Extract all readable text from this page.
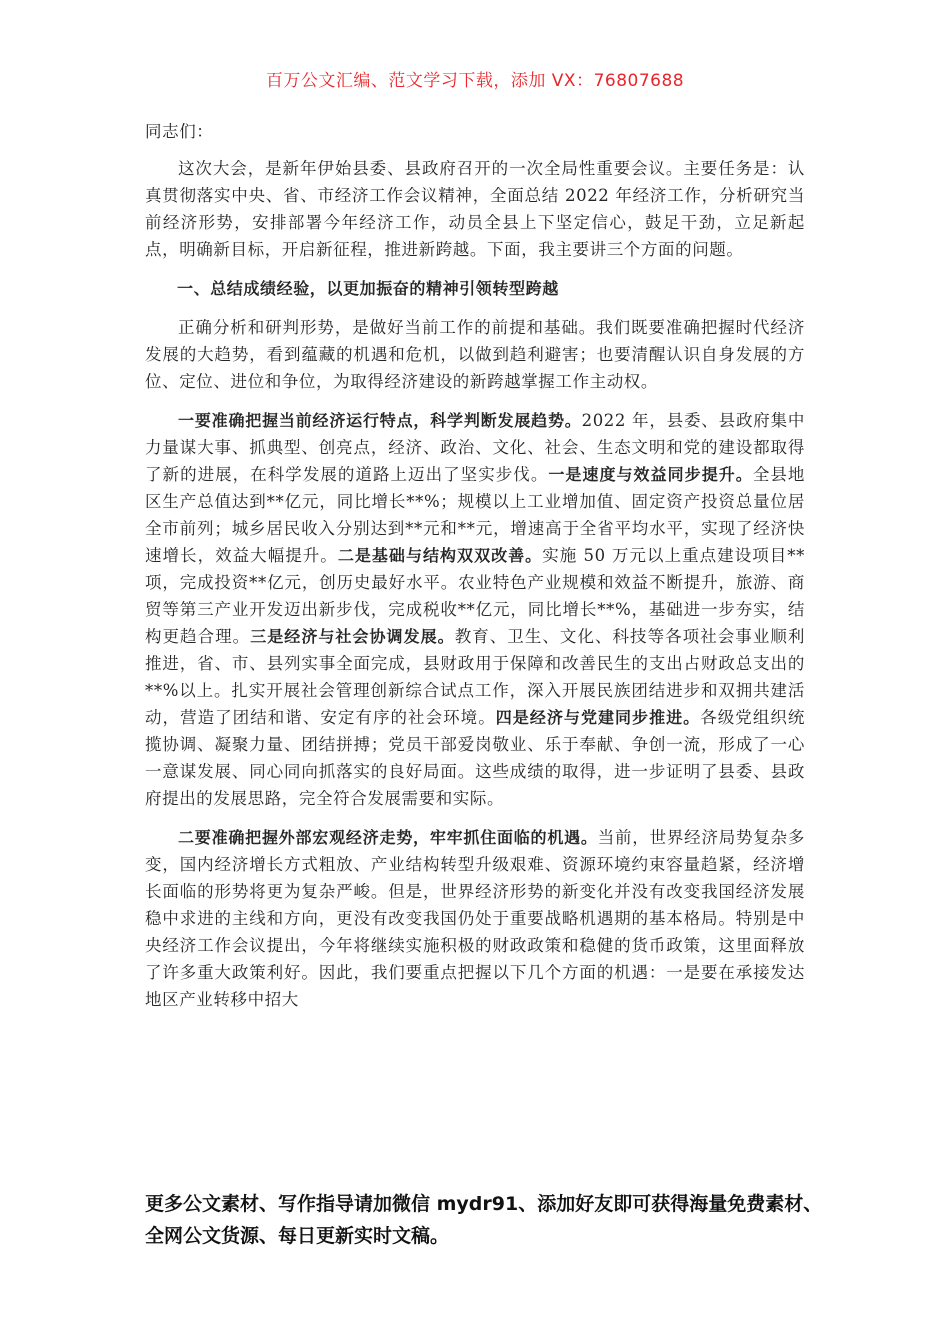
百万公文汇编、范文学习下载，添加 VX：76807688

同志们：

这次大会，是新年伊始县委、县政府召开的一次全局性重要会议。主要任务是：认真贯彻落实中央、省、市经济工作会议精神，全面总结 2022 年经济工作，分析研究当前经济形势，安排部署今年经济工作，动员全县上下坚定信心，鼓足干劲，立足新起点，明确新目标，开启新征程，推进新跨越。下面，我主要讲三个方面的问题。

一、总结成绩经验，以更加振奋的精神引领转型跨越

正确分析和研判形势，是做好当前工作的前提和基础。我们既要准确把握时代经济发展的大趋势，看到蕴藏的机遇和危机，以做到趋利避害；也要清醒认识自身发展的方位、定位、进位和争位，为取得经济建设的新跨越掌握工作主动权。

一要准确把握当前经济运行特点，科学判断发展趋势。2022 年，县委、县政府集中力量谋大事、抓典型、创亮点，经济、政治、文化、社会、生态文明和党的建设都取得了新的进展，在科学发展的道路上迈出了坚实步伐。一是速度与效益同步提升。全县地区生产总值达到**亿元，同比增长**%；规模以上工业增加值、固定资产投资总量位居全市前列；城乡居民收入分别达到**元和**元，增速高于全省平均水平，实现了经济快速增长，效益大幅提升。二是基础与结构双双改善。实施 50 万元以上重点建设项目**项，完成投资**亿元，创历史最好水平。农业特色产业规模和效益不断提升，旅游、商贸等第三产业开发迈出新步伐，完成税收**亿元，同比增长**%，基础进一步夯实，结构更趋合理。三是经济与社会协调发展。教育、卫生、文化、科技等各项社会事业顺利推进，省、市、县列实事全面完成，县财政用于保障和改善民生的支出占财政总支出的**%以上。扎实开展社会管理创新综合试点工作，深入开展民族团结进步和双拥共建活动，营造了团结和谐、安定有序的社会环境。四是经济与党建同步推进。各级党组织统揽协调、凝聚力量、团结拼搏；党员干部爱岗敬业、乐于奉献、争创一流，形成了一心一意谋发展、同心同向抓落实的良好局面。这些成绩的取得，进一步证明了县委、县政府提出的发展思路，完全符合发展需要和实际。

二要准确把握外部宏观经济走势，牢牢抓住面临的机遇。当前，世界经济局势复杂多变，国内经济增长方式粗放、产业结构转型升级艰难、资源环境约束容量趋紧，经济增长面临的形势将更为复杂严峻。但是，世界经济形势的新变化并没有改变我国经济发展稳中求进的主线和方向，更没有改变我国仍处于重要战略机遇期的基本格局。特别是中央经济工作会议提出，今年将继续实施积极的财政政策和稳健的货币政策，这里面释放了许多重大政策利好。因此，我们要重点把握以下几个方面的机遇：一是要在承接发达地区产业转移中招大

更多公文素材、写作指导请加微信 mydr91、添加好友即可获得海量免费素材、全网公文货源、每日更新实时文稿。
